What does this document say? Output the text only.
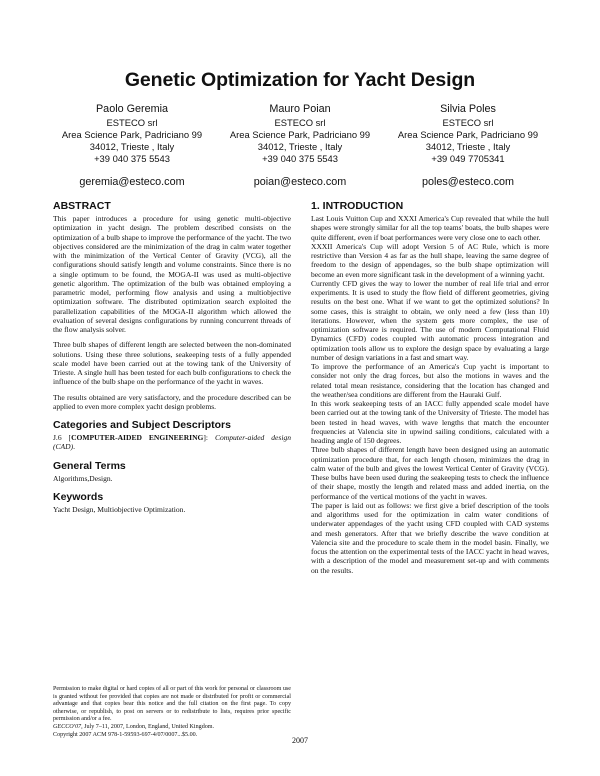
Genetic Optimization for Yacht Design
Paolo Geremia
ESTECO srl
Area Science Park, Padriciano 99
34012, Trieste , Italy
+39 040 375 5543
geremia@esteco.com
Mauro Poian
ESTECO srl
Area Science Park, Padriciano 99
34012, Trieste , Italy
+39 040 375 5543
poian@esteco.com
Silvia Poles
ESTECO srl
Area Science Park, Padriciano 99
34012, Trieste , Italy
+39 049 7705341
poles@esteco.com
ABSTRACT

This paper introduces a procedure for using genetic multi-objective optimization in yacht design. The problem described consists on the optimization of a bulb shape to improve the performance of the yacht. The two objectives considered are the minimization of the drag in calm water together with the minimization of the Vertical Center of Gravity (VCG), all the configurations should satisfy length and volume constraints. Since there is no a single optimum to be found, the MOGA-II was used as multi-objective genetic algorithm. The optimization of the bulb was obtained employing a parametric model, performing flow analysis and using a multiobjective optimization software. The distributed optimization search exploited the parallelization capabilities of the MOGA-II algorithm which allowed the evaluation of several designs configurations by running concurrent threads of the flow analysis solver.

Three bulb shapes of different length are selected between the non-dominated solutions. Using these three solutions, seakeeping tests of a fully appended scale model have been carried out at the towing tank of the University of Trieste. A single hull has been tested for each bulb configurations to check the influence of the bulb shape on the performance of the yacht in waves.

The results obtained are very satisfactory, and the procedure described can be applied to even more complex yacht design problems.

Categories and Subject Descriptors

J.6 [COMPUTER-AIDED ENGINEERING]: Computer-aided design (CAD).

General Terms

Algorithms,Design.

Keywords

Yacht Design, Multiobjective Optimization.

Permission to make digital or hard copies of all or part of this work for personal or classroom use is granted without fee provided that copies are not made or distributed for profit or commercial advantage and that copies bear this notice and the full citation on the first page. To copy otherwise, or republish, to post on servers or to redistribute to lists, requires prior specific permission and/or a fee.

GECCO'07, July 7–11, 2007, London, England, United Kingdom.

Copyright 2007 ACM 978-1-59593-697-4/07/0007...$5.00.

1. INTRODUCTION

Last Louis Vuitton Cup and XXXI America's Cup revealed that while the hull shapes were strongly similar for all the top teams' boats, the bulb shapes were quite different, even if boat performances were very close one to each other.

XXXII America's Cup will adopt Version 5 of AC Rule, which is more restrictive than Version 4 as far as the hull shape, leaving the same degree of freedom to the design of appendages, so the bulb shape optimization will become an even more significant task in the development of a winning yacht.

Currently CFD gives the way to lower the number of real life trial and error experiments. It is used to study the flow field of different geometries, giving results on the best one. What if we want to get the optimized solutions? In some cases, this is straight to obtain, we only need a few (less than 10) iterations. However, when the system gets more complex, the use of optimization software is required. The use of modern Computational Fluid Dynamics (CFD) codes coupled with automatic process integration and optimization tools allow us to explore the design space by evaluating a large number of design variations in a fast and smart way.

To improve the performance of an America's Cup yacht is important to consider not only the drag forces, but also the motions in waves and the related total mean resistance, considering that the location has changed and the weather/sea conditions are different from the Hauraki Gulf.

In this work seakeeping tests of an IACC fully appended scale model have been carried out at the towing tank of the University of Trieste. The model has been tested in head waves, with wave lengths that match the encounter frequencies at Valencia site in upwind sailing conditions, calculated with a heading angle of 150 degrees.

Three bulb shapes of different length have been designed using an automatic optimization procedure that, for each length chosen, minimizes the drag in calm water of the bulb and gives the lowest Vertical Center of Gravity (VCG). These bulbs have been used during the seakeeping tests to check the influence of their shape, mostly the length and related mass and added inertia, on the performance of the vertical motions of the yacht in waves.

The paper is laid out as follows: we first give a brief description of the tools and algorithms used for the optimization in calm water conditions of underwater appendages of the yacht using CFD coupled with CAD systems and mesh generators. After that we briefly describe the wave condition at Valencia site and the procedure to scale them in the model basin. Finally, we focus the attention on the experimental tests of the IACC yacht in head waves, with a description of the model and measurement set-up and with comments on the results.

2007
